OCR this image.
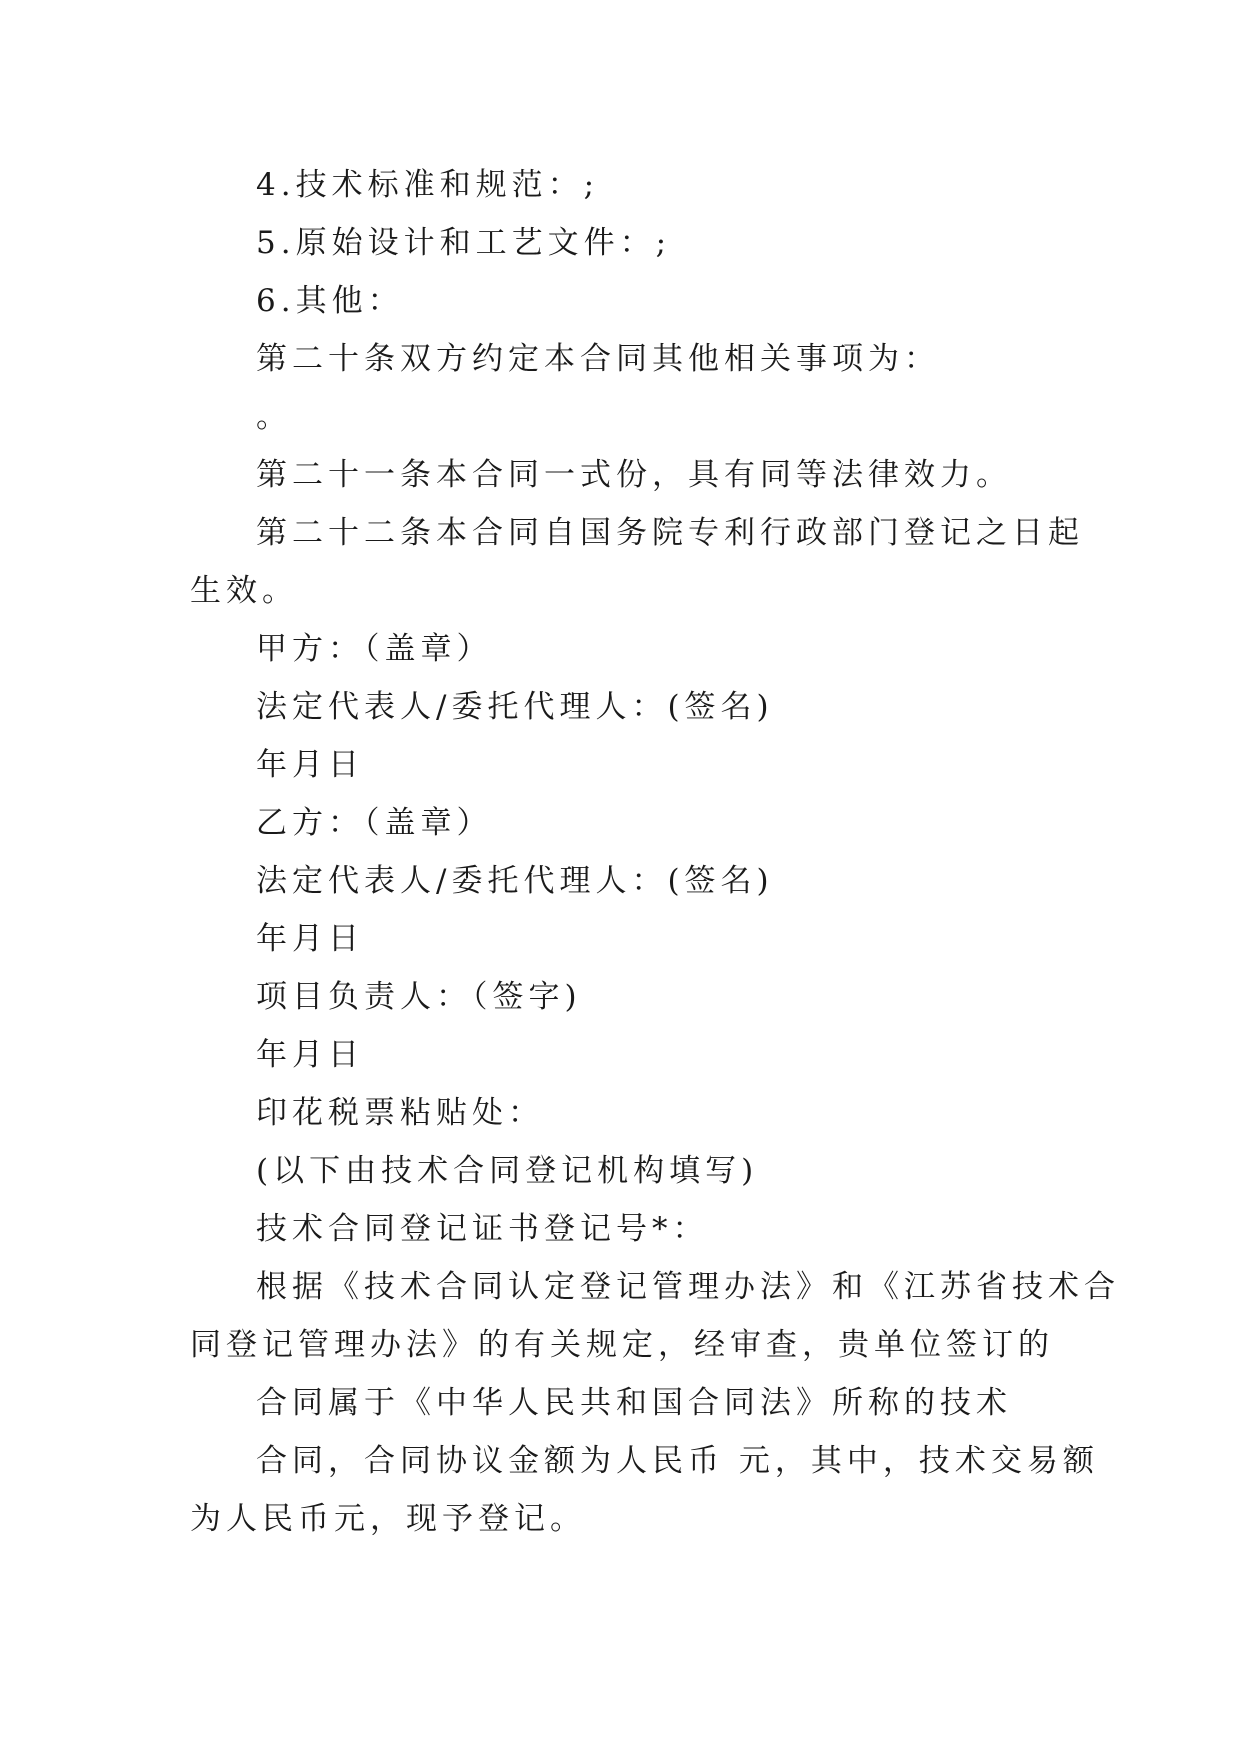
4.技术标准和规范：;
5.原始设计和工艺文件：;
6.其他：
第二十条双方约定本合同其他相关事项为：
。
第二十一条本合同一式份，具有同等法律效力。
第二十二条本合同自国务院专利行政部门登记之日起
生效。
甲方：（盖章）
法定代表人/委托代理人：(签名)
年月日
乙方：（盖章）
法定代表人/委托代理人：(签名)
年月日
项目负责人：（签字)
年月日
印花税票粘贴处：
(以下由技术合同登记机构填写)
技术合同登记证书登记号*：
根据《技术合同认定登记管理办法》和《江苏省技术合
同登记管理办法》的有关规定，经审查，贵单位签订的
合同属于《中华人民共和国合同法》所称的技术
合同，合同协议金额为人民币 元，其中，技术交易额
为人民币元，现予登记。
